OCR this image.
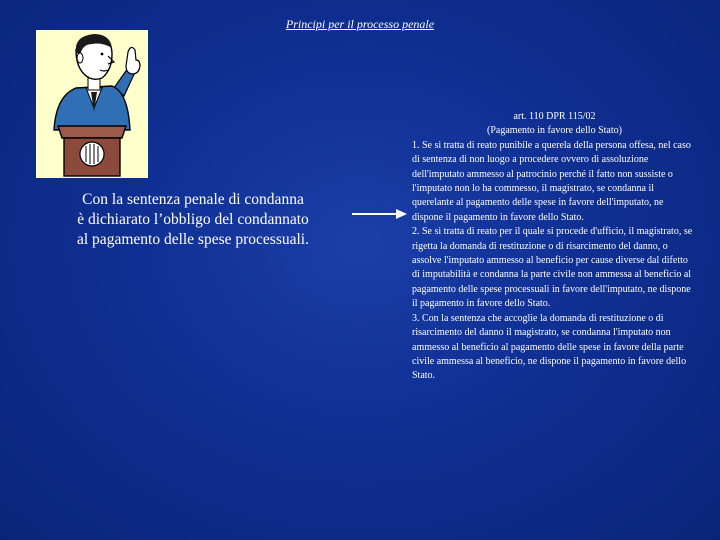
Principi per il processo penale
Con la sentenza penale di condanna
è dichiarato l’obbligo del condannato
al pagamento delle spese processuali.
art. 110 DPR 115/02
(Pagamento in favore dello Stato)
1. Se si tratta di reato punibile a querela della persona offesa, nel caso di sentenza di non luogo a procedere ovvero di assoluzione dell'imputato ammesso al patrocinio perché il fatto non sussiste o l'imputato non lo ha commesso, il magistrato, se condanna il querelante al pagamento delle spese in favore dell'imputato, ne dispone il pagamento in favore dello Stato.
2. Se si tratta di reato per il quale si procede d'ufficio, il magistrato, se rigetta la domanda di restituzione o di risarcimento del danno, o assolve l'imputato ammesso al beneficio per cause diverse dal difetto di imputabilità e condanna la parte civile non ammessa al beneficio al pagamento delle spese processuali in favore dell'imputato, ne dispone il pagamento in favore dello Stato.
3. Con la sentenza che accoglie la domanda di restituzione o di risarcimento del danno il magistrato, se condanna l'imputato non ammesso al beneficio al pagamento delle spese in favore della parte civile ammessa al beneficio, ne dispone il pagamento in favore dello Stato.
